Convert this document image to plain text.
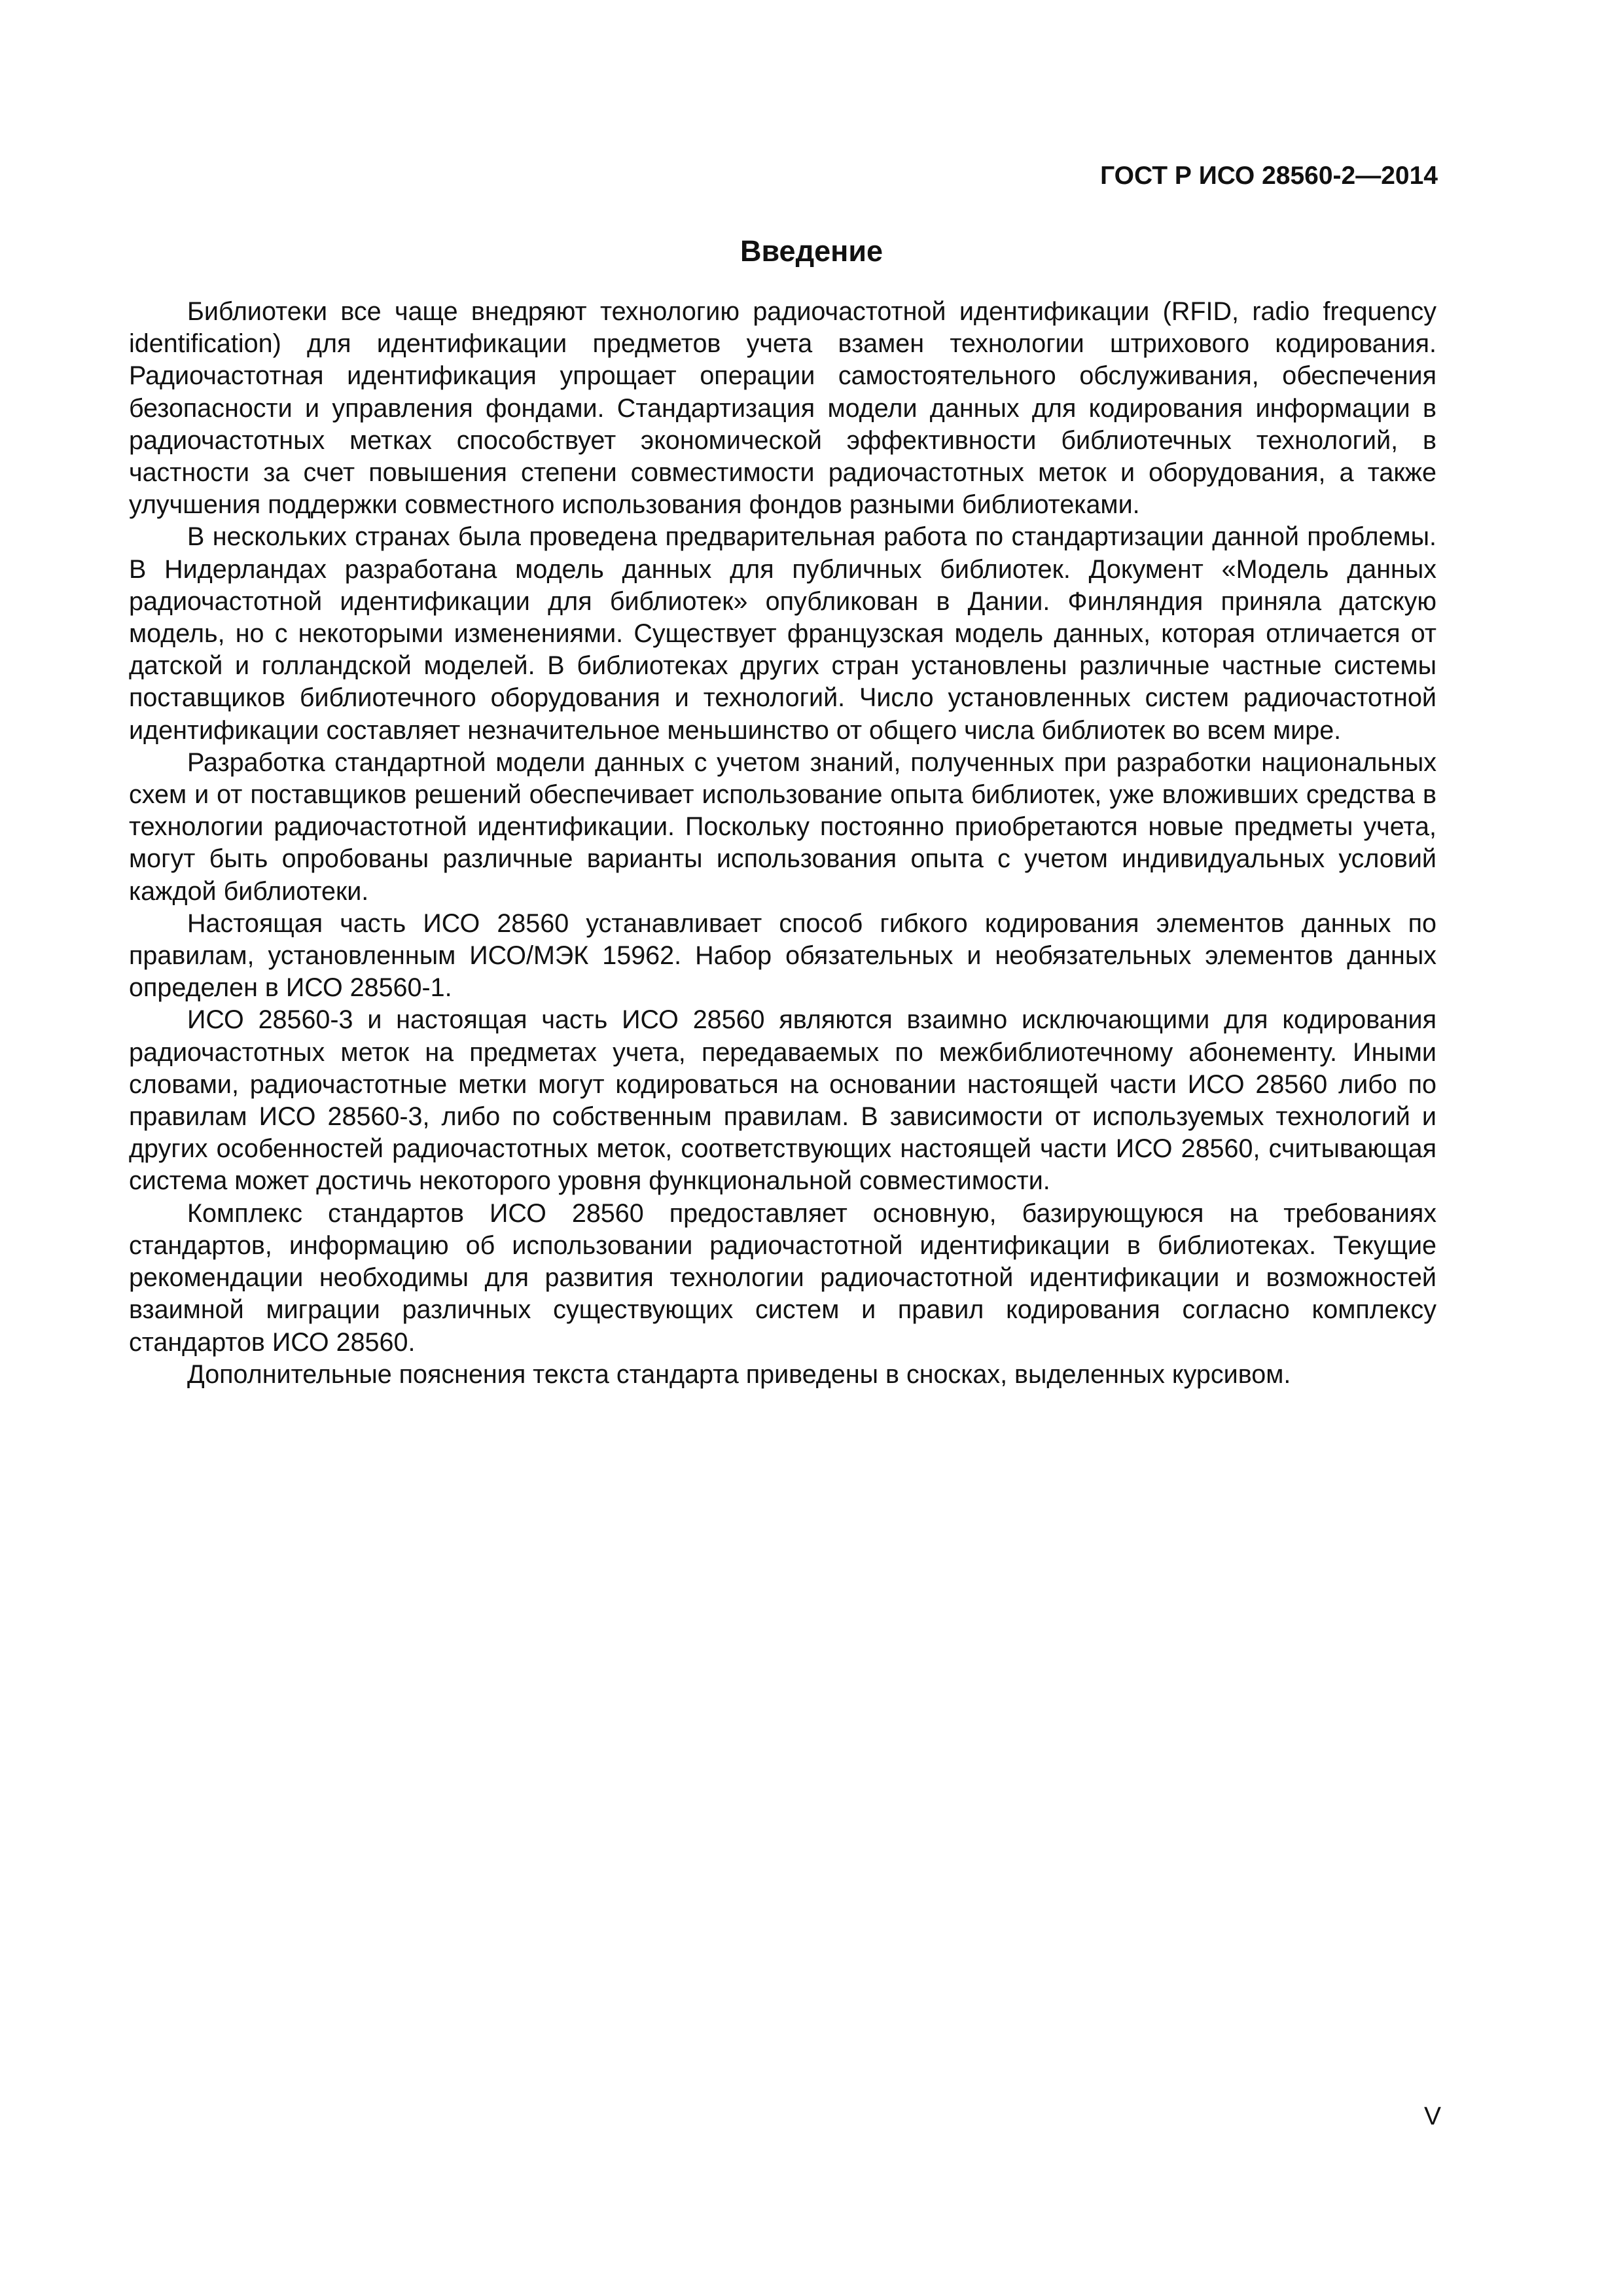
ГОСТ Р ИСО 28560-2—2014
Введение

Библиотеки все чаще внедряют технологию радиочастотной идентификации (RFID, radio frequency identification) для идентификации предметов учета взамен технологии штрихового кодирования. Радиочастотная идентификация упрощает операции самостоятельного обслуживания, обеспечения безопасности и управления фондами. Стандартизация модели данных для кодирования информации в радиочастотных метках способствует экономической эффективности библиотечных технологий, в частности за счет повышения степени совместимости радиочастотных меток и оборудования, а также улучшения поддержки совместного использования фондов разными библиотеками.

В нескольких странах была проведена предварительная работа по стандартизации данной проблемы. В Нидерландах разработана модель данных для публичных библиотек. Документ «Модель данных радиочастотной идентификации для библиотек» опубликован в Дании. Финляндия приняла датскую модель, но с некоторыми изменениями. Существует французская модель данных, которая отличается от датской и голландской моделей. В библиотеках других стран установлены различные частные системы поставщиков библиотечного оборудования и технологий. Число установленных систем радиочастотной идентификации составляет незначительное меньшинство от общего числа библиотек во всем мире.

Разработка стандартной модели данных с учетом знаний, полученных при разработки национальных схем и от поставщиков решений обеспечивает использование опыта библиотек, уже вложивших средства в технологии радиочастотной идентификации. Поскольку постоянно приобретаются новые предметы учета, могут быть опробованы различные варианты использования опыта с учетом индивидуальных условий каждой библиотеки.

Настоящая часть ИСО 28560 устанавливает способ гибкого кодирования элементов данных по правилам, установленным ИСО/МЭК 15962. Набор обязательных и необязательных элементов данных определен в ИСО 28560-1.

ИСО 28560-3 и настоящая часть ИСО 28560 являются взаимно исключающими для кодирования радиочастотных меток на предметах учета, передаваемых по межбиблиотечному абонементу. Иными словами, радиочастотные метки могут кодироваться на основании настоящей части ИСО 28560 либо по правилам ИСО 28560-3, либо по собственным правилам. В зависимости от используемых технологий и других особенностей радиочастотных меток, соответствующих настоящей части ИСО 28560, считывающая система может достичь некоторого уровня функциональной совместимости.

Комплекс стандартов ИСО 28560 предоставляет основную, базирующуюся на требованиях стандартов, информацию об использовании радиочастотной идентификации в библиотеках. Текущие рекомендации необходимы для развития технологии радиочастотной идентификации и возможностей взаимной миграции различных существующих систем и правил кодирования согласно комплексу стандартов ИСО 28560.

Дополнительные пояснения текста стандарта приведены в сносках, выделенных курсивом.

V
